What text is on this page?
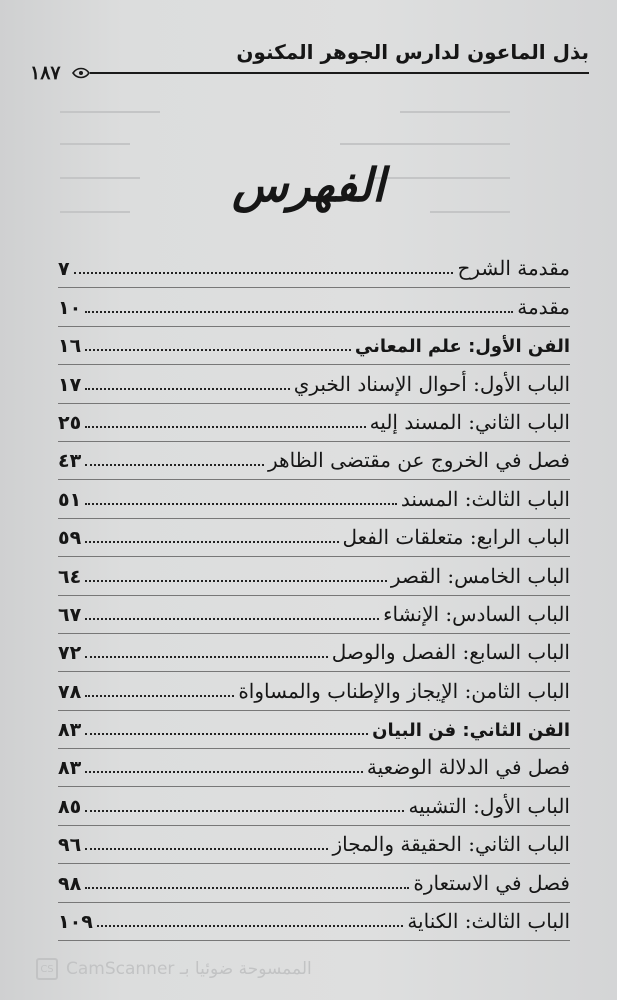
بذل الماعون لدارس الجوهر المكنون
١٨٧
الفهرس
مقدمة الشرح
٧
مقدمة
١٠
الفن الأول: علم المعاني
١٦
الباب الأول: أحوال الإسناد الخبري
١٧
الباب الثاني: المسند إليه
٢٥
فصل في الخروج عن مقتضى الظاهر
٤٣
الباب الثالث: المسند
٥١
الباب الرابع: متعلقات الفعل
٥٩
الباب الخامس: القصر
٦٤
الباب السادس: الإنشاء
٦٧
الباب السابع: الفصل والوصل
٧٢
الباب الثامن: الإيجاز والإطناب والمساواة
٧٨
الفن الثاني: فن البيان
٨٣
فصل في الدلالة الوضعية
٨٣
الباب الأول: التشبيه
٨٥
الباب الثاني: الحقيقة والمجاز
٩٦
فصل في الاستعارة
٩٨
الباب الثالث: الكناية
١٠٩
CS CamScanner الممسوحة ضوئيا بـ
